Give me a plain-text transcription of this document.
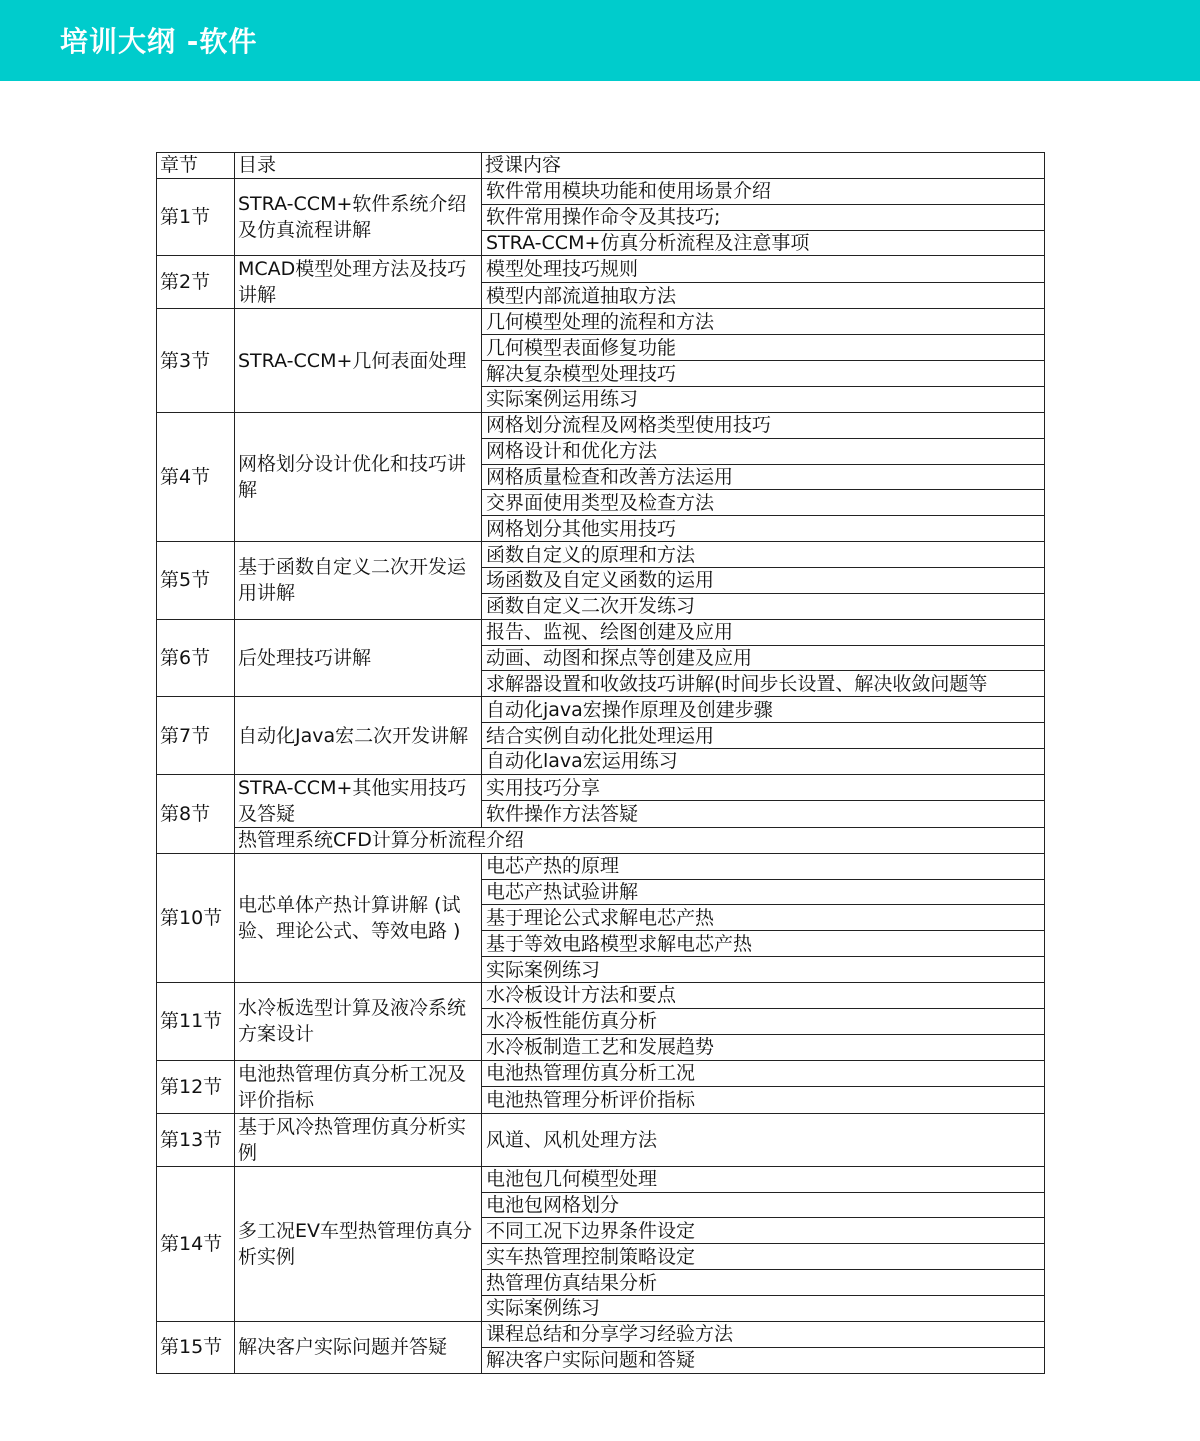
培训大纲 -软件
章节	目录	授课内容
第1节	STRA-CCM+软件系统介绍及仿真流程讲解	软件常用模块功能和使用场景介绍
		软件常用操作命令及其技巧;
		STRA-CCM+仿真分析流程及注意事项
第2节	MCAD模型处理方法及技巧讲解	模型处理技巧规则
		模型内部流道抽取方法
第3节	STRA-CCM+几何表面处理	几何模型处理的流程和方法
		几何模型表面修复功能
		解决复杂模型处理技巧
		实际案例运用练习
第4节	网格划分设计优化和技巧讲解	网格划分流程及网格类型使用技巧
		网格设计和优化方法
		网格质量检查和改善方法运用
		交界面使用类型及检查方法
		网格划分其他实用技巧
第5节	基于函数自定义二次开发运用讲解	函数自定义的原理和方法
		场函数及自定义函数的运用
		函数自定义二次开发练习
第6节	后处理技巧讲解	报告、监视、绘图创建及应用
		动画、动图和探点等创建及应用
		求解器设置和收敛技巧讲解(时间步长设置、解决收敛问题等
第7节	自动化Java宏二次开发讲解	自动化java宏操作原理及创建步骤
		结合实例自动化批处理运用
		自动化lava宏运用练习
第8节	STRA-CCM+其他实用技巧及答疑	实用技巧分享
		软件操作方法答疑
	热管理系统CFD计算分析流程介绍	
第10节	电芯单体产热计算讲解 (试验、理论公式、等效电路 )	电芯产热的原理
		电芯产热试验讲解
		基于理论公式求解电芯产热
		基于等效电路模型求解电芯产热
		实际案例练习
第11节	水冷板选型计算及液冷系统方案设计	水冷板设计方法和要点
		水冷板性能仿真分析
		水冷板制造工艺和发展趋势
第12节	电池热管理仿真分析工况及评价指标	电池热管理仿真分析工况
		电池热管理分析评价指标
第13节	基于风冷热管理仿真分析实例	风道、风机处理方法
第14节	多工况EV车型热管理仿真分析实例	电池包几何模型处理
		电池包网格划分
		不同工况下边界条件设定
		实车热管理控制策略设定
		热管理仿真结果分析
		实际案例练习
第15节	解决客户实际问题并答疑	课程总结和分享学习经验方法
		解决客户实际问题和答疑
